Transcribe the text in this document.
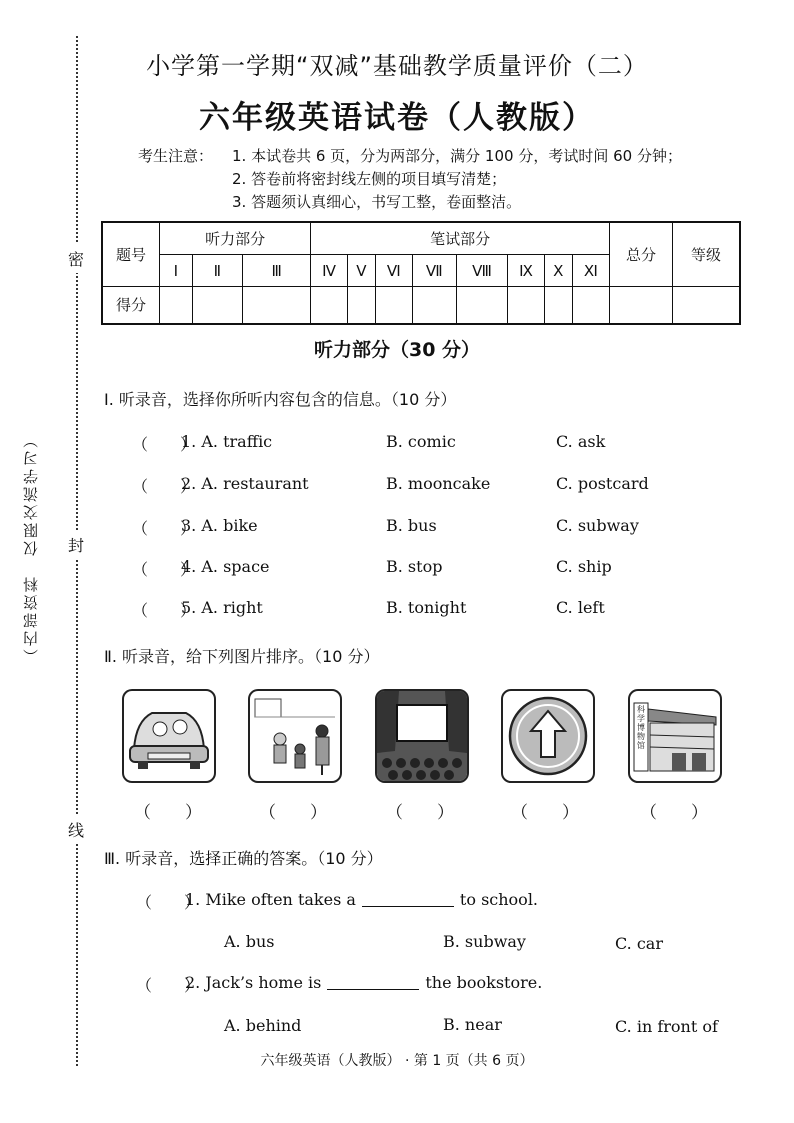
密
封
线
（内部资料　仅限交流学习）
小学第一学期“双减”基础教学质量评价（二）
六年级英语试卷（人教版）
考生注意： 1. 本试卷共 6 页，分为两部分，满分 100 分，考试时间 60 分钟；
2. 答卷前将密封线左侧的项目填写清楚；
3. 答题须认真细心，书写工整，卷面整洁。
题号	听力部分			笔试部分								总分	等级
	Ⅰ	Ⅱ	Ⅲ	Ⅳ	Ⅴ	Ⅵ	Ⅶ	Ⅷ	Ⅸ	Ⅹ	Ⅺ		
得分													
听力部分（30 分）
Ⅰ. 听录音，选择你所听内容包含的信息。（10 分）
（　　）
1. A. traffic	B. comic	C. ask
（　　）
2. A. restaurant	B. mooncake	C. postcard
（　　）
3. A. bike	B. bus	C. subway
（　　）
4. A. space	B. stop	C. ship
（　　）
5. A. right	B. tonight	C. left
Ⅱ. 听录音，给下列图片排序。（10 分）
科学博物馆
（　　）	（　　）	（　　）	（　　）	（　　）
Ⅲ. 听录音，选择正确的答案。（10 分）
（　　）
1. Mike often takes a	to school.
A. bus	B. subway	C. car
（　　）
2. Jack’s home is	the bookstore.
A. behind	B. near	C. in front of
六年级英语（人教版） · 第 1 页（共 6 页）
